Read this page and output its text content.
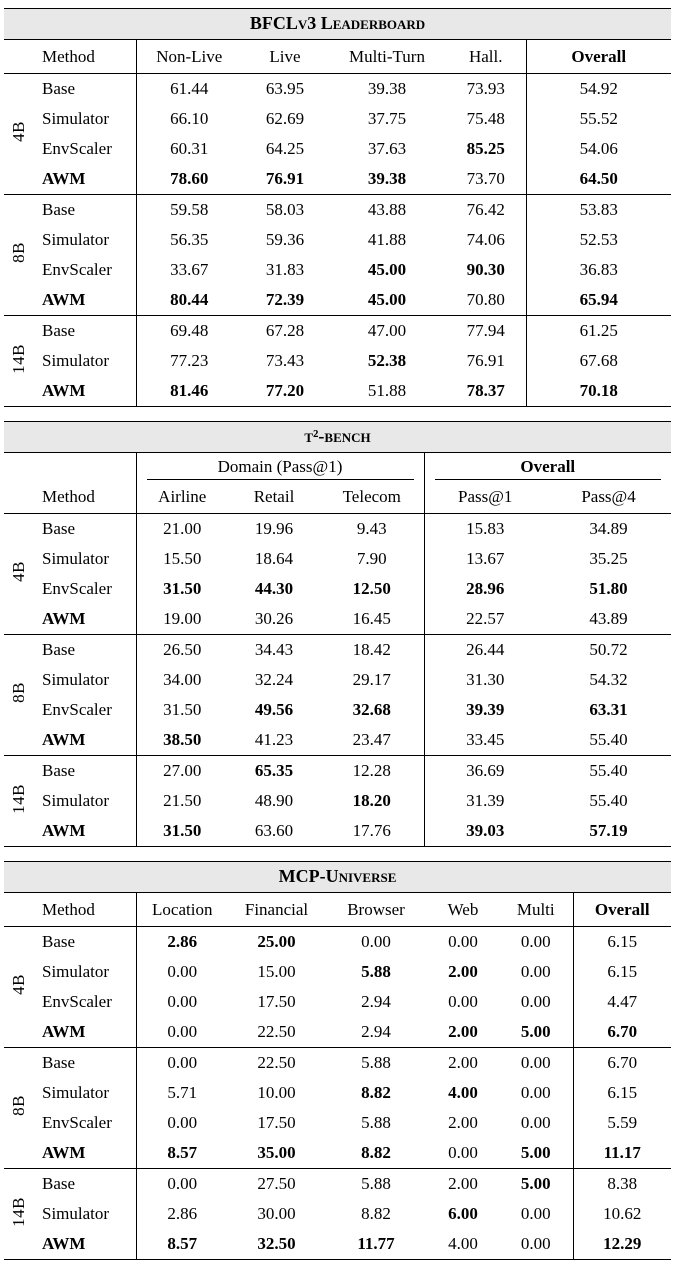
BFCLv3 Leaderboard
	Method	Non-Live	Live	Multi-Turn	Hall.	Overall
4B	Base	61.44	63.95	39.38	73.93	54.92
	Simulator	66.10	62.69	37.75	75.48	55.52
	EnvScaler	60.31	64.25	37.63	85.25	54.06
	AWM	78.60	76.91	39.38	73.70	64.50
8B	Base	59.58	58.03	43.88	76.42	53.83
	Simulator	56.35	59.36	41.88	74.06	52.53
	EnvScaler	33.67	31.83	45.00	90.30	36.83
	AWM	80.44	72.39	45.00	70.80	65.94
14B	Base	69.48	67.28	47.00	77.94	61.25
	Simulator	77.23	73.43	52.38	76.91	67.68
	AWM	81.46	77.20	51.88	78.37	70.18
τ²-bench

		Domain (Pass@1)			Overall	

	Method	Airline	Retail	Telecom	Pass@1	Pass@4
4B	Base	21.00	19.96	9.43	15.83	34.89
	Simulator	15.50	18.64	7.90	13.67	35.25
	EnvScaler	31.50	44.30	12.50	28.96	51.80
	AWM	19.00	30.26	16.45	22.57	43.89
8B	Base	26.50	34.43	18.42	26.44	50.72
	Simulator	34.00	32.24	29.17	31.30	54.32
	EnvScaler	31.50	49.56	32.68	39.39	63.31
	AWM	38.50	41.23	23.47	33.45	55.40
14B	Base	27.00	65.35	12.28	36.69	55.40
	Simulator	21.50	48.90	18.20	31.39	55.40
	AWM	31.50	63.60	17.76	39.03	57.19
MCP-Universe
	Method	Location	Financial	Browser	Web	Multi	Overall
4B	Base	2.86	25.00	0.00	0.00	0.00	6.15
	Simulator	0.00	15.00	5.88	2.00	0.00	6.15
	EnvScaler	0.00	17.50	2.94	0.00	0.00	4.47
	AWM	0.00	22.50	2.94	2.00	5.00	6.70
8B	Base	0.00	22.50	5.88	2.00	0.00	6.70
	Simulator	5.71	10.00	8.82	4.00	0.00	6.15
	EnvScaler	0.00	17.50	5.88	2.00	0.00	5.59
	AWM	8.57	35.00	8.82	0.00	5.00	11.17
14B	Base	0.00	27.50	5.88	2.00	5.00	8.38
	Simulator	2.86	30.00	8.82	6.00	0.00	10.62
	AWM	8.57	32.50	11.77	4.00	0.00	12.29
